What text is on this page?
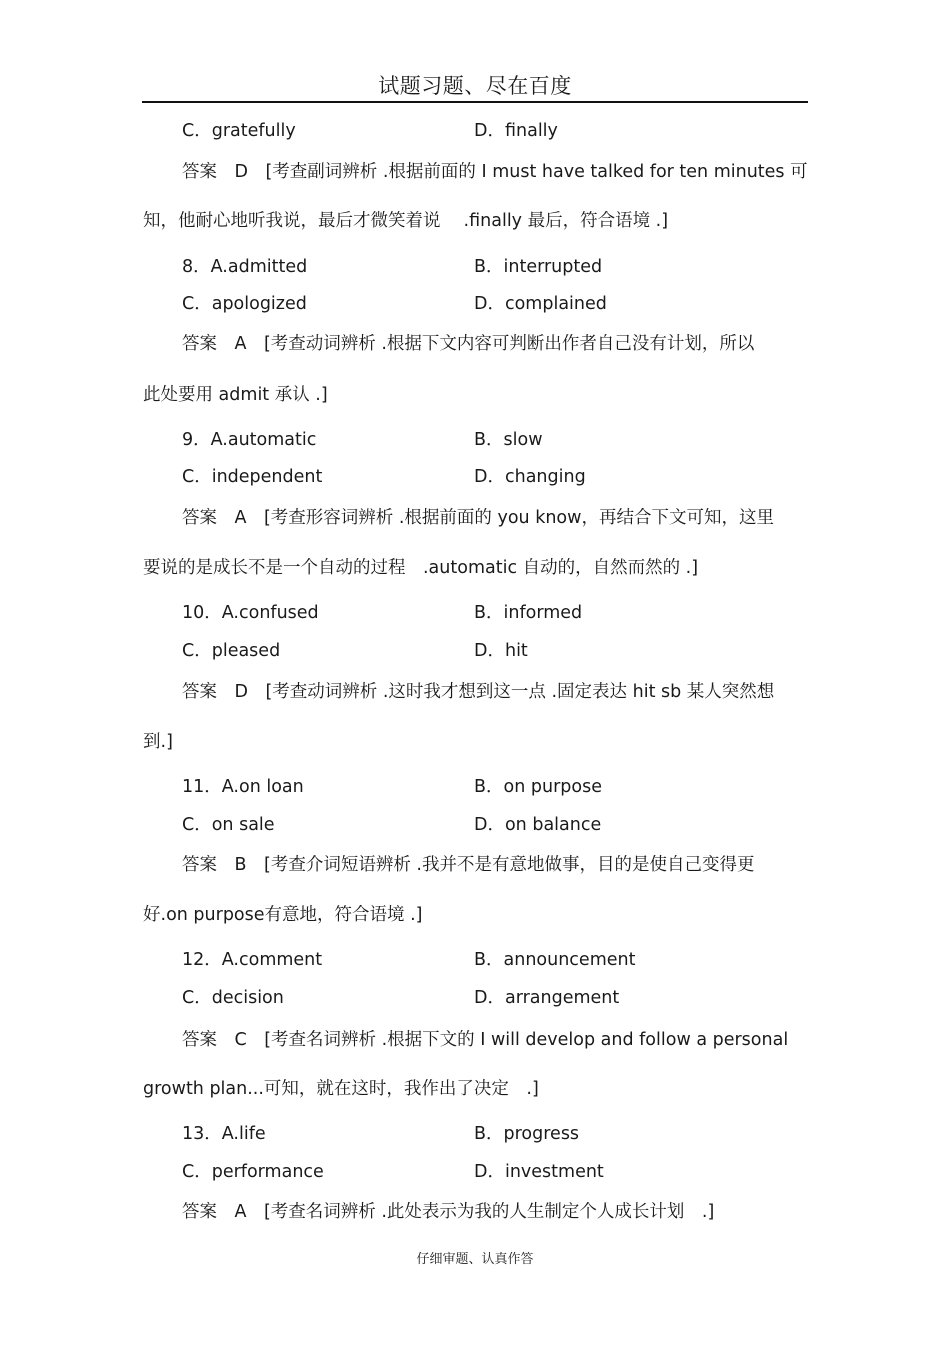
试题习题、尽在百度
C．gratefully	D．finally
答案　D　[考查副词辨析 .根据前面的 I must have talked for ten minutes 可
知，他耐心地听我说，最后才微笑着说　 .finally 最后，符合语境 .]
8．A.admitted	B．interrupted
C．apologized	D．complained
答案　A　[考查动词辨析 .根据下文内容可判断出作者自己没有计划，所以
此处要用 admit 承认 .]
9．A.automatic	B．slow
C．independent	D．changing
答案　A　[考查形容词辨析 .根据前面的 you know，再结合下文可知，这里
要说的是成长不是一个自动的过程　.automatic 自动的，自然而然的 .]
10．A.confused	B．informed
C．pleased	D．hit
答案　D　[考查动词辨析 .这时我才想到这一点 .固定表达 hit sb 某人突然想
到.]
11．A.on loan	B．on purpose
C．on sale	D．on balance
答案　B　[考查介词短语辨析 .我并不是有意地做事，目的是使自己变得更
好.on purpose有意地，符合语境 .]
12．A.comment	B．announcement
C．decision	D．arrangement
答案　C　[考查名词辨析 .根据下文的 I will develop and follow a personal
growth plan...可知，就在这时，我作出了决定　.]
13．A.life	B．progress
C．performance	D．investment
答案　A　[考查名词辨析 .此处表示为我的人生制定个人成长计划　.]
仔细审题、认真作答
